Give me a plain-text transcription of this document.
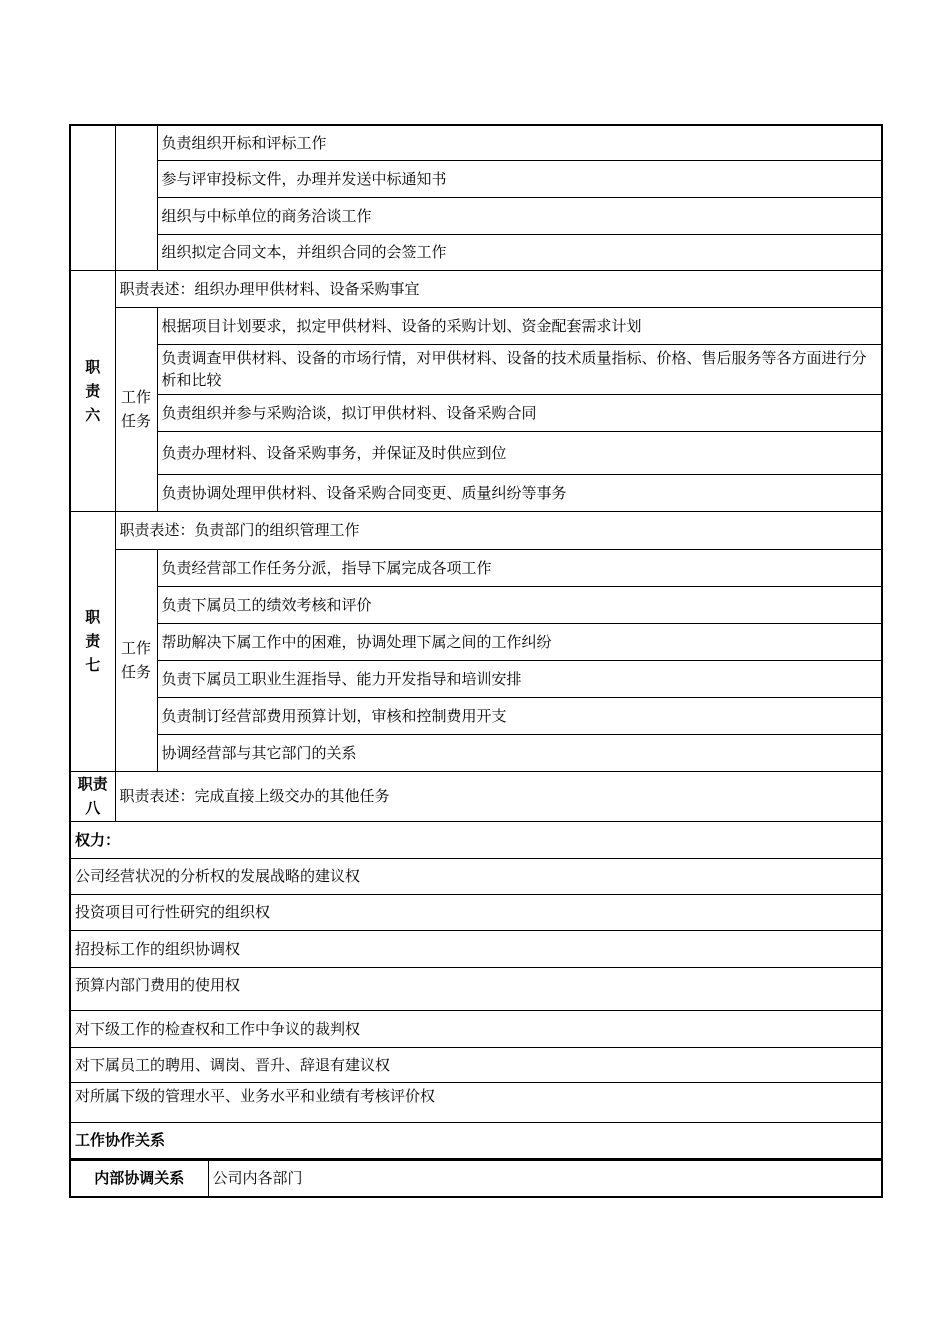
		负责组织开标和评标工作
		参与评审投标文件，办理并发送中标通知书
		组织与中标单位的商务洽谈工作
		组织拟定合同文本，并组织合同的会签工作
职责六	职责表述：组织办理甲供材料、设备采购事宜	
	工作任务	根据项目计划要求，拟定甲供材料、设备的采购计划、资金配套需求计划
		负责调查甲供材料、设备的市场行情，对甲供材料、设备的技术质量指标、价格、售后服务等各方面进行分析和比较
		负责组织并参与采购洽谈，拟订甲供材料、设备采购合同
		负责办理材料、设备采购事务，并保证及时供应到位
		负责协调处理甲供材料、设备采购合同变更、质量纠纷等事务
职责七	职责表述：负责部门的组织管理工作	
	工作任务	负责经营部工作任务分派，指导下属完成各项工作
		负责下属员工的绩效考核和评价
		帮助解决下属工作中的困难，协调处理下属之间的工作纠纷
		负责下属员工职业生涯指导、能力开发指导和培训安排
		负责制订经营部费用预算计划，审核和控制费用开支
		协调经营部与其它部门的关系
职责八	职责表述：完成直接上级交办的其他任务	
权力：		
公司经营状况的分析权的发展战略的建议权		
投资项目可行性研究的组织权		
招投标工作的组织协调权		
预算内部门费用的使用权		
对下级工作的检查权和工作中争议的裁判权		
对下属员工的聘用、调岗、晋升、辞退有建议权		
对所属下级的管理水平、业务水平和业绩有考核评价权		
工作协作关系		
内部协调关系	公司内各部门
